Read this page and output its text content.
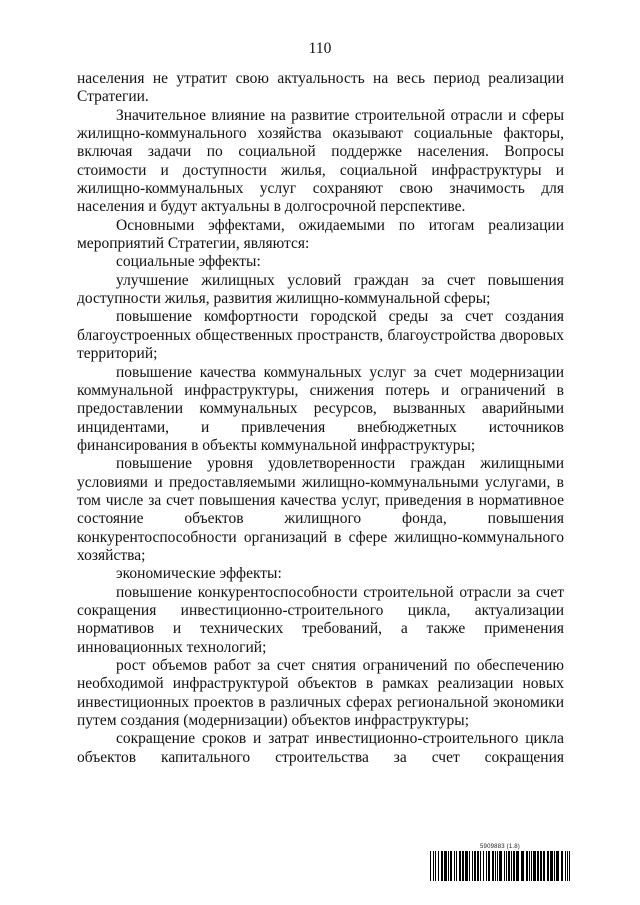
110

населения не утратит свою актуальность на весь период реализации Стратегии.

Значительное влияние на развитие строительной отрасли и сферы жилищно-коммунального хозяйства оказывают социальные факторы, включая задачи по социальной поддержке населения. Вопросы стоимости и доступности жилья, социальной инфраструктуры и жилищно-коммунальных услуг сохраняют свою значимость для населения и будут актуальны в долгосрочной перспективе.

Основными эффектами, ожидаемыми по итогам реализации мероприятий Стратегии, являются:

социальные эффекты:

улучшение жилищных условий граждан за счет повышения доступности жилья, развития жилищно-коммунальной сферы;

повышение комфортности городской среды за счет создания благоустроенных общественных пространств, благоустройства дворовых территорий;

повышение качества коммунальных услуг за счет модернизации коммунальной инфраструктуры, снижения потерь и ограничений в предоставлении коммунальных ресурсов, вызванных аварийными инцидентами, и привлечения внебюджетных источников финансирования в объекты коммунальной инфраструктуры;

повышение уровня удовлетворенности граждан жилищными условиями и предоставляемыми жилищно-коммунальными услугами, в том числе за счет повышения качества услуг, приведения в нормативное состояние объектов жилищного фонда, повышения конкурентоспособности организаций в сфере жилищно-коммунального хозяйства;

экономические эффекты:

повышение конкурентоспособности строительной отрасли за счет сокращения инвестиционно-строительного цикла, актуализации нормативов и технических требований, а также применения инновационных технологий;

рост объемов работ за счет снятия ограничений по обеспечению необходимой инфраструктурой объектов в рамках реализации новых инвестиционных проектов в различных сферах региональной экономики путем создания (модернизации) объектов инфраструктуры;

сокращение сроков и затрат инвестиционно-строительного цикла объектов капитального строительства за счет сокращения

5909883 (1.8)
